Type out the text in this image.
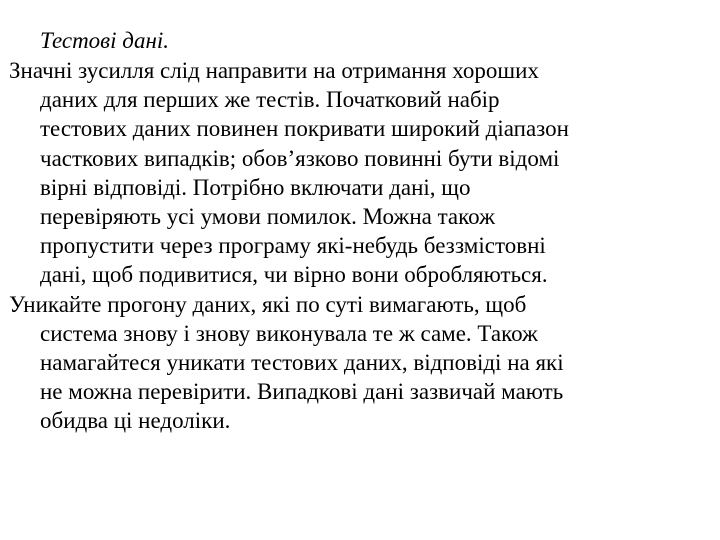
Тестові дані.
Значні зусилля слід направити на отримання хороших
даних для перших же тестів. Початковий набір
тестових даних повинен покривати широкий діапазон
часткових випадків; обов’язково повинні бути відомі
вірні відповіді. Потрібно включати дані, що
перевіряють усі умови помилок. Можна також
пропустити через програму які-небудь беззмістовні
дані, щоб подивитися, чи вірно вони обробляються.
Уникайте прогону даних, які по суті вимагають, щоб
система знову і знову виконувала те ж саме. Також
намагайтеся уникати тестових даних, відповіді на які
не можна перевірити. Випадкові дані зазвичай мають
обидва ці недоліки.
